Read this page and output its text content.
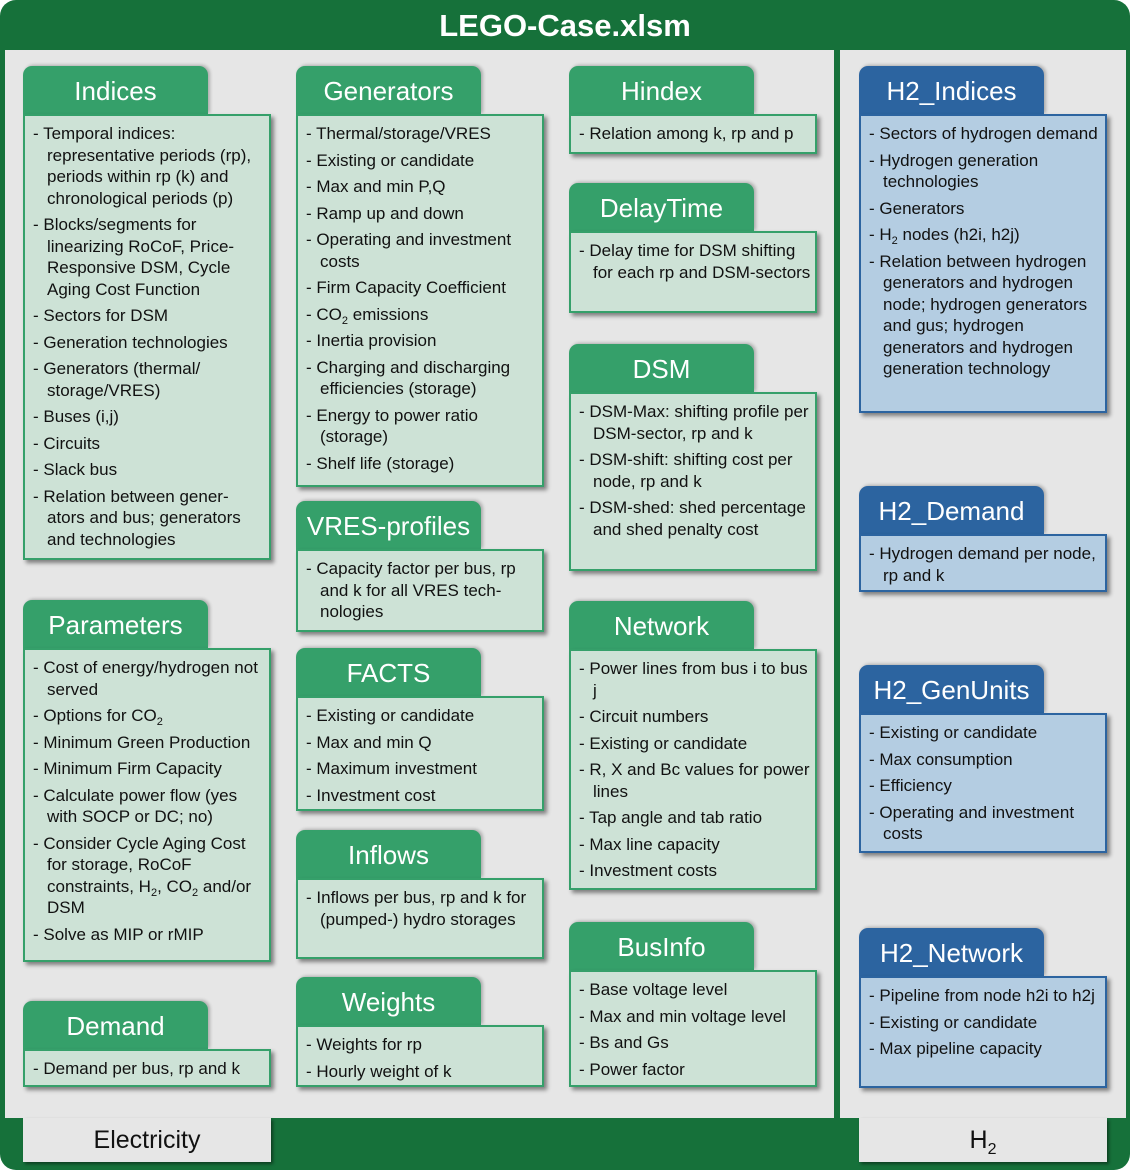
LEGO-Case.xlsm
Indices
- Temporal indices: representative periods (rp), periods within rp (k) and chronological periods (p)
- Blocks/segments for linearizing RoCoF, Price-Responsive DSM, Cycle Aging Cost Function
- Sectors for DSM
- Generation technologies
- Generators (thermal/ storage/VRES)
- Buses (i,j)
- Circuits
- Slack bus
- Relation between gener-ators and bus; generators and technologies
Parameters
- Cost of energy/hydrogen not served
- Options for $CO_2$
- Minimum Green Production
- Minimum Firm Capacity
- Calculate power flow (yes with SOCP or DC; no)
- Consider Cycle Aging Cost for storage, RoCoF constraints, $H_2$, $CO_2$ and/or DSM
- Solve as MIP or rMIP
Demand
- Demand per bus, rp and k
Generators
- Thermal/storage/VRES
- Existing or candidate
- Max and min P,Q
- Ramp up and down
- Operating and investment costs
- Firm Capacity Coefficient
- $CO_2$ emissions
- Inertia provision
- Charging and discharging efficiencies (storage)
- Energy to power ratio (storage)
- Shelf life (storage)
VRES-profiles
- Capacity factor per bus, rp and k for all VRES tech-nologies
FACTS
- Existing or candidate
- Max and min Q
- Maximum investment
- Investment cost
Inflows
- Inflows per bus, rp and k for (pumped-) hydro storages
Weights
- Weights for rp
- Hourly weight of k
Hindex
- Relation among k, rp and p
DelayTime
- Delay time for DSM shifting for each rp and DSM-sectors
DSM
- DSM-Max: shifting profile per DSM-sector, rp and k
- DSM-shift: shifting cost per node, rp and k
- DSM-shed: shed percentage and shed penalty cost
Network
- Power lines from bus i to bus j
- Circuit numbers
- Existing or candidate
- R, X and Bc values for power lines
- Tap angle and tab ratio
- Max line capacity
- Investment costs
BusInfo
- Base voltage level
- Max and min voltage level
- Bs and Gs
- Power factor
H2_Indices
- Sectors of hydrogen demand
- Hydrogen generation technologies
- Generators
- $H_2$ nodes (h2i, h2j)
- Relation between hydrogen generators and hydrogen node; hydrogen generators and gus; hydrogen generators and hydrogen generation technology
H2_Demand
- Hydrogen demand per node, rp and k
H2_GenUnits
- Existing or candidate
- Max consumption
- Efficiency
- Operating and investment costs
H2_Network
- Pipeline from node h2i to h2j
- Existing or candidate
- Max pipeline capacity
Electricity	$H_2$
